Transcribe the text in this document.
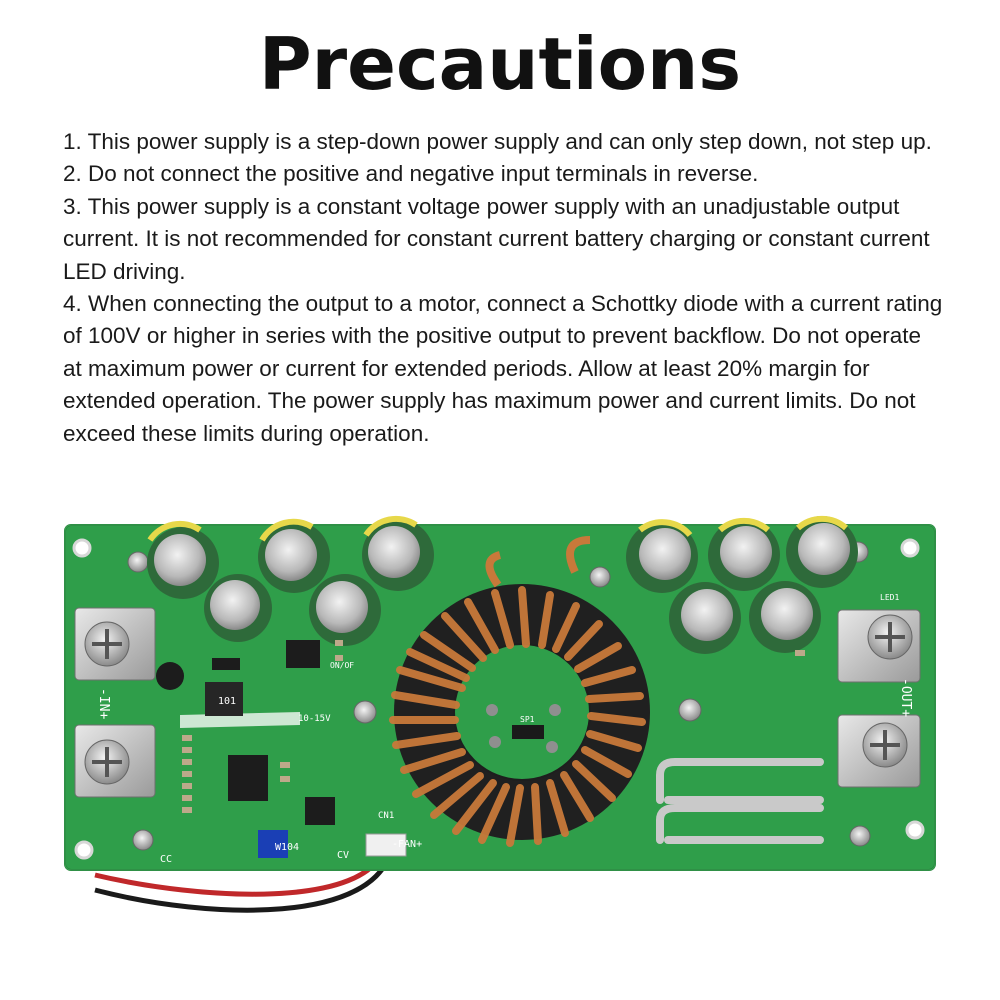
Precautions

1. This power supply is a step-down power supply and can only step down, not step up.

2. Do not connect the positive and negative input terminals in reverse.

3. This power supply is a constant voltage power supply with an unadjustable output current. It is not recommended for constant current battery charging or constant current LED driving.

4. When connecting the output to a motor, connect a Schottky diode with a current rating of 100V or higher in series with the positive output to prevent backflow. Do not operate at maximum power or current for extended periods. Allow at least 20% margin for extended operation. The power supply has maximum power and current limits. Do not exceed these limits during operation.

-IN+	-OUT+
-FAN+
CN1
CC	CV
10-15V
ON/OF
SP1
LED1
W104
101
